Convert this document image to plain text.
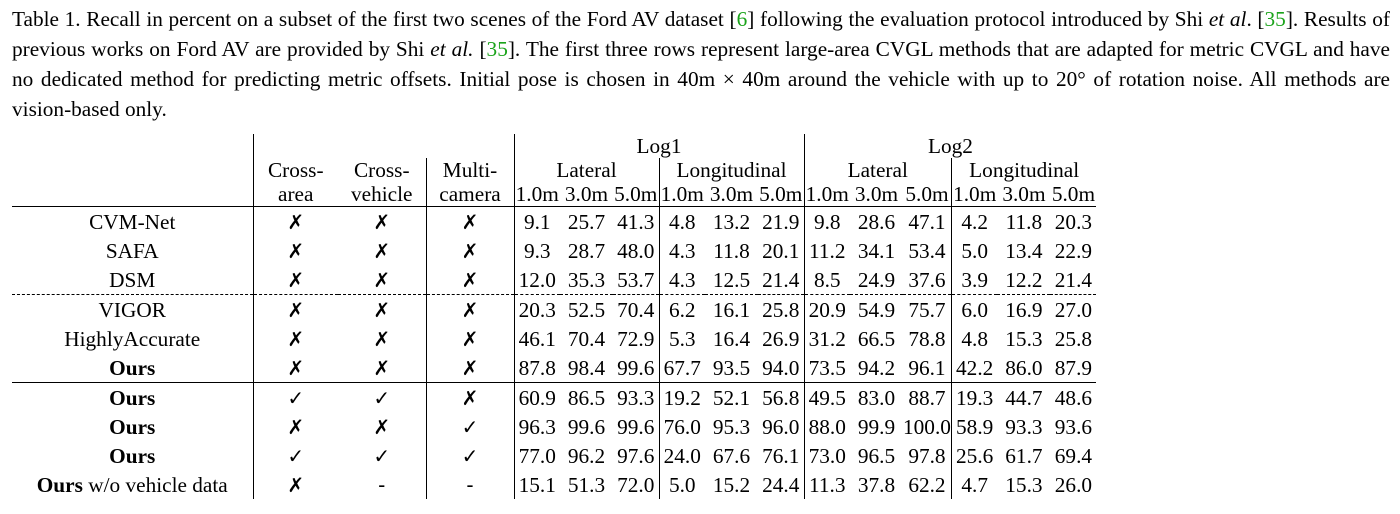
Table 1. Recall in percent on a subset of the first two scenes of the Ford AV dataset [6] following the evaluation protocol introduced by Shi et al. [35]. Results of previous works on Ford AV are provided by Shi et al. [35]. The first three rows represent large-area CVGL methods that are adapted for metric CVGL and have no dedicated method for predicting metric offsets. Initial pose is chosen in 40m × 40m around the vehicle with up to 20° of rotation noise. All methods are vision-based only.
				Log1						Log2					
	Cross-	Cross-	Multi-	Lateral			Longitudinal			Lateral			Longitudinal		
	area	vehicle	camera	1.0m	3.0m	5.0m	1.0m	3.0m	5.0m	1.0m	3.0m	5.0m	1.0m	3.0m	5.0m
CVM-Net	✗	✗	✗	9.1	25.7	41.3	4.8	13.2	21.9	9.8	28.6	47.1	4.2	11.8	20.3
SAFA	✗	✗	✗	9.3	28.7	48.0	4.3	11.8	20.1	11.2	34.1	53.4	5.0	13.4	22.9
DSM	✗	✗	✗	12.0	35.3	53.7	4.3	12.5	21.4	8.5	24.9	37.6	3.9	12.2	21.4
VIGOR	✗	✗	✗	20.3	52.5	70.4	6.2	16.1	25.8	20.9	54.9	75.7	6.0	16.9	27.0
HighlyAccurate	✗	✗	✗	46.1	70.4	72.9	5.3	16.4	26.9	31.2	66.5	78.8	4.8	15.3	25.8
Ours	✗	✗	✗	87.8	98.4	99.6	67.7	93.5	94.0	73.5	94.2	96.1	42.2	86.0	87.9
Ours	✓	✓	✗	60.9	86.5	93.3	19.2	52.1	56.8	49.5	83.0	88.7	19.3	44.7	48.6
Ours	✗	✗	✓	96.3	99.6	99.6	76.0	95.3	96.0	88.0	99.9	100.0	58.9	93.3	93.6
Ours	✓	✓	✓	77.0	96.2	97.6	24.0	67.6	76.1	73.0	96.5	97.8	25.6	61.7	69.4
Ours w/o vehicle data	✗	-	-	15.1	51.3	72.0	5.0	15.2	24.4	11.3	37.8	62.2	4.7	15.3	26.0
